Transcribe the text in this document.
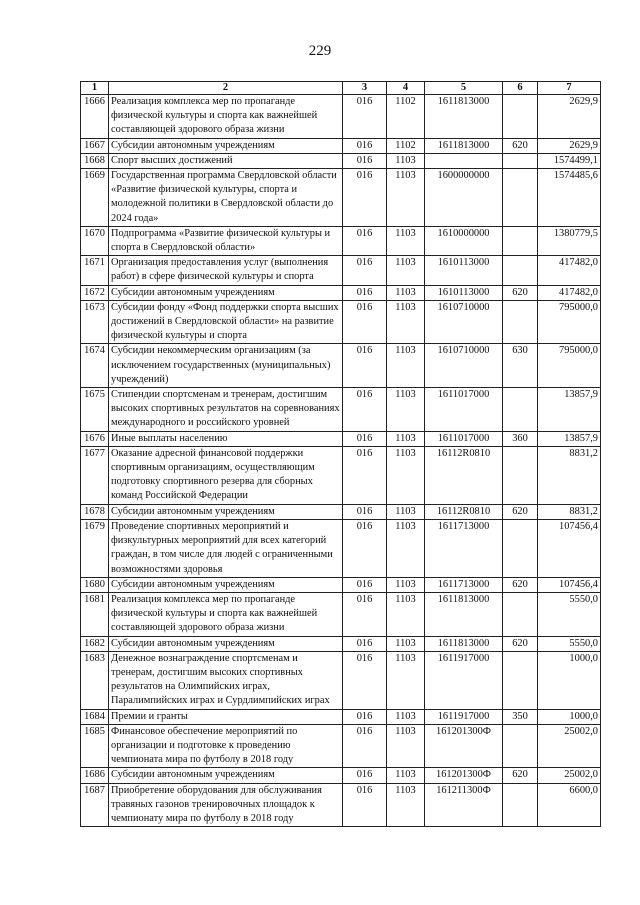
229
1	2	3	4	5	6	7
1666	Реализация комплекса мер по пропаганде физической культуры и спорта как важнейшей составляющей здорового образа жизни	016	1102	1611813000		2629,9
1667	Субсидии автономным учреждениям	016	1102	1611813000	620	2629,9
1668	Спорт высших достижений	016	1103			1574499,1
1669	Государственная программа Свердловской области «Развитие физической культуры, спорта и молодежной политики в Свердловской области до 2024 года»	016	1103	1600000000		1574485,6
1670	Подпрограмма «Развитие физической культуры и спорта в Свердловской области»	016	1103	1610000000		1380779,5
1671	Организация предоставления услуг (выполнения работ) в сфере физической культуры и спорта	016	1103	1610113000		417482,0
1672	Субсидии автономным учреждениям	016	1103	1610113000	620	417482,0
1673	Субсидии фонду «Фонд поддержки спорта высших достижений в Свердловской области» на развитие физической культуры и спорта	016	1103	1610710000		795000,0
1674	Субсидии некоммерческим организациям (за исключением государственных (муниципальных) учреждений)	016	1103	1610710000	630	795000,0
1675	Стипендии спортсменам и тренерам, достигшим высоких спортивных результатов на соревнованиях международного и российского уровней	016	1103	1611017000		13857,9
1676	Иные выплаты населению	016	1103	1611017000	360	13857,9
1677	Оказание адресной финансовой поддержки спортивным организациям, осуществляющим подготовку спортивного резерва для сборных команд Российской Федерации	016	1103	16112R0810		8831,2
1678	Субсидии автономным учреждениям	016	1103	16112R0810	620	8831,2
1679	Проведение спортивных мероприятий и физкультурных мероприятий для всех категорий граждан, в том числе для людей с ограниченными возможностями здоровья	016	1103	1611713000		107456,4
1680	Субсидии автономным учреждениям	016	1103	1611713000	620	107456,4
1681	Реализация комплекса мер по пропаганде физической культуры и спорта как важнейшей составляющей здорового образа жизни	016	1103	1611813000		5550,0
1682	Субсидии автономным учреждениям	016	1103	1611813000	620	5550,0
1683	Денежное вознаграждение спортсменам и тренерам, достигшим высоких спортивных результатов на Олимпийских играх, Паралимпийских играх и Сурдлимпийских играх	016	1103	1611917000		1000,0
1684	Премии и гранты	016	1103	1611917000	350	1000,0
1685	Финансовое обеспечение мероприятий по организации и подготовке к проведению чемпионата мира по футболу в 2018 году	016	1103	161201300Ф		25002,0
1686	Субсидии автономным учреждениям	016	1103	161201300Ф	620	25002,0
1687	Приобретение оборудования для обслуживания травяных газонов тренировочных площадок к чемпионату мира по футболу в 2018 году	016	1103	161211300Ф		6600,0
